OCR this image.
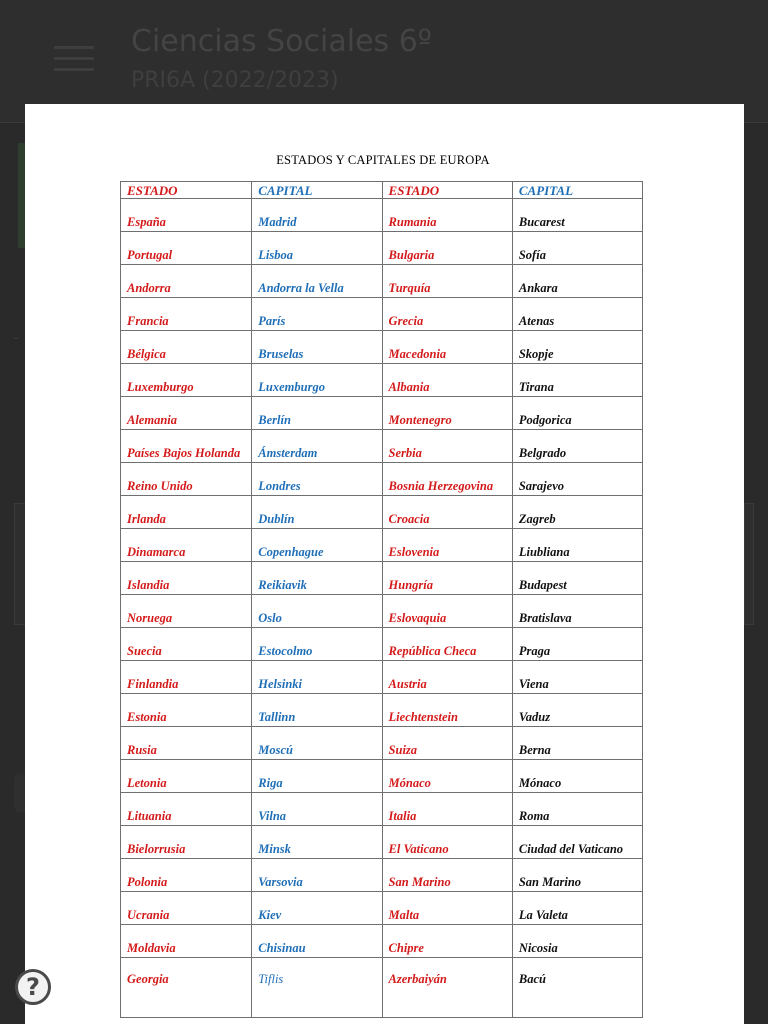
Ciencias Sociales 6º
PRI6A (2022/2023)
ESTADOS Y CAPITALES DE EUROPA
ESTADO	CAPITAL	ESTADO	CAPITAL
España	Madrid	Rumania	Bucarest
Portugal	Lisboa	Bulgaria	Sofía
Andorra	Andorra la Vella	Turquía	Ankara
Francia	París	Grecia	Atenas
Bélgica	Bruselas	Macedonia	Skopje
Luxemburgo	Luxemburgo	Albania	Tirana
Alemania	Berlín	Montenegro	Podgorica
Países Bajos Holanda	Ámsterdam	Serbia	Belgrado
Reino Unido	Londres	Bosnia Herzegovina	Sarajevo
Irlanda	Dublín	Croacia	Zagreb
Dinamarca	Copenhague	Eslovenia	Liubliana
Islandia	Reikiavik	Hungría	Budapest
Noruega	Oslo	Eslovaquia	Bratislava
Suecia	Estocolmo	República Checa	Praga
Finlandia	Helsinki	Austria	Viena
Estonia	Tallinn	Liechtenstein	Vaduz
Rusia	Moscú	Suiza	Berna
Letonia	Riga	Mónaco	Mónaco
Lituania	Vilna	Italia	Roma
Bielorrusia	Minsk	El Vaticano	Ciudad del Vaticano
Polonia	Varsovia	San Marino	San Marino
Ucrania	Kiev	Malta	La Valeta
Moldavia	Chisinau	Chipre	Nicosia
Georgia	Tiflis	Azerbaiyán	Bacú
?
